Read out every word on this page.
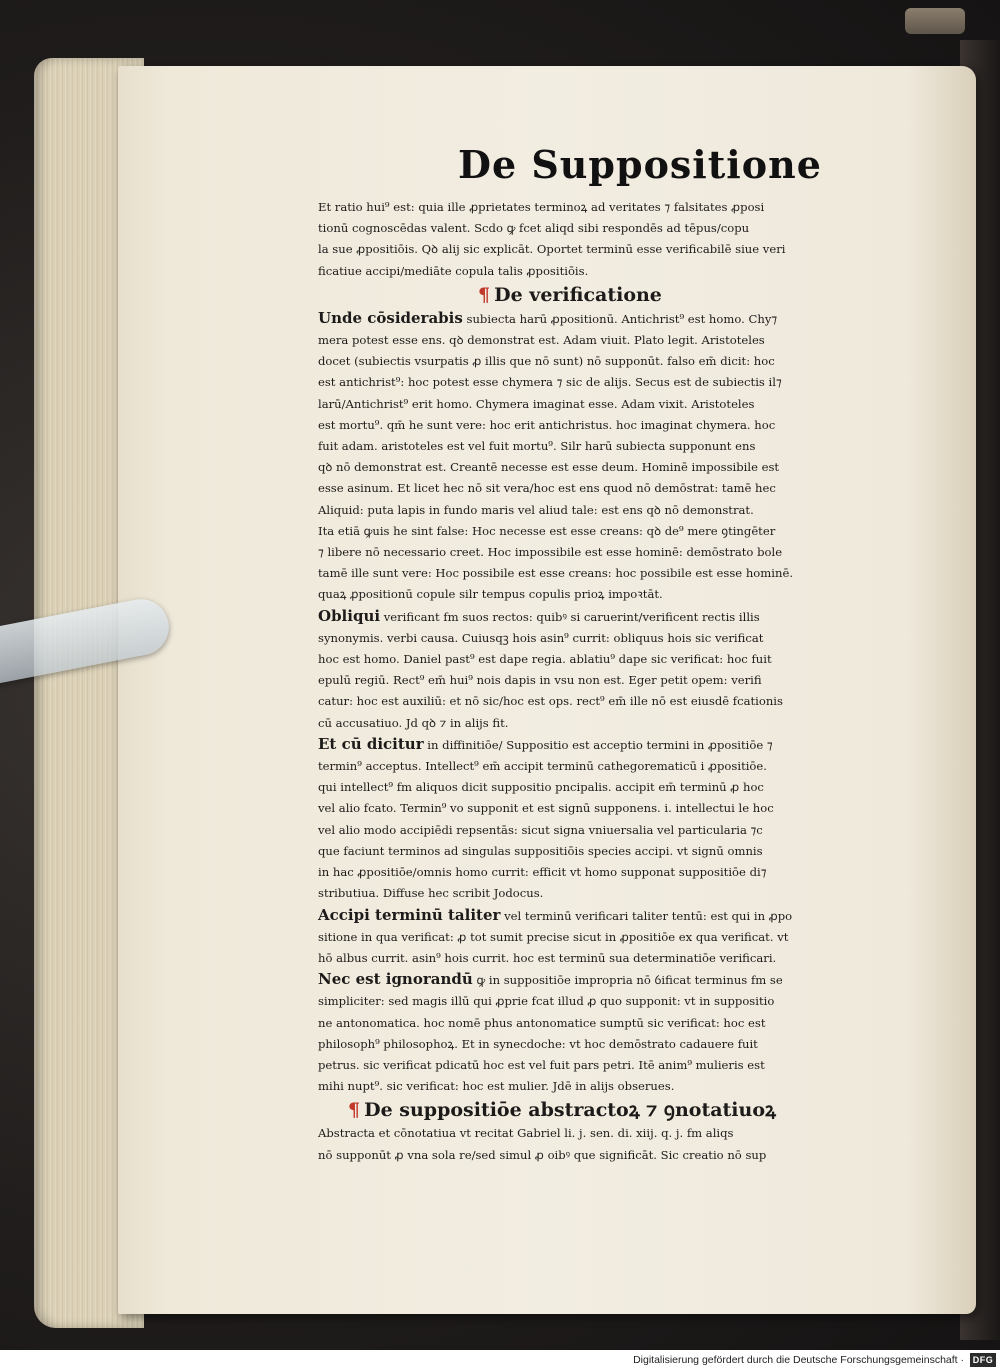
De Suppositione
Et ratio hui⁹ est: quia ille ꝓprietates terminoꝝ ad veritates ⁊ falsitates ꝓposi
tionū cognoscēdas valent. Scdo ꝙ fcet aliqd sibi respondēs ad tēpus/copu
la sue ꝓpositiōis. Qꝺ alij sic explicāt. Oportet terminū esse verificabilē siue veri
ficatiue accipi/mediāte copula talis ꝓpositiōis.
¶ De verificatione
Unde cōsiderabis subiecta harū ꝓpositionū. Antichrist⁹ est homo. Chy⁊
mera potest esse ens. qꝺ demonstrat est. Adam viuit. Plato legit. Aristoteles
docet (subiectis vsurpatis ꝓ illis que nō sunt) nō supponūt. falso em̄ dicit: hoc
est antichrist⁹: hoc potest esse chymera ⁊ sic de alijs. Secus est de subiectis il⁊
larū/Antichrist⁹ erit homo. Chymera imaginat esse. Adam vixit. Aristoteles
est mortu⁹. qm̄ he sunt vere: hoc erit antichristus. hoc imaginat chymera. hoc
fuit adam. aristoteles est vel fuit mortu⁹. Silr harū subiecta supponunt ens
qꝺ nō demonstrat est. Creantē necesse est esse deum. Hominē impossibile est
esse asinum. Et licet hec nō sit vera/hoc est ens quod nō demōstrat: tamē hec
Aliquid: puta lapis in fundo maris vel aliud tale: est ens qꝺ nō demonstrat.
Ita etiā ꝙuis he sint false: Hoc necesse est esse creans: qꝺ de⁹ mere ꝯtingēter
⁊ libere nō necessario creet. Hoc impossibile est esse hominē: demōstrato bole
tamē ille sunt vere: Hoc possibile est esse creans: hoc possibile est esse hominē.
quaꝝ ꝓpositionū copule silr tempus copulis prioꝝ impoꝛtāt.
Obliqui verificant fm suos rectos: quibꝰ si caruerint/verificent rectis illis
synonymis. verbi causa. Cuiusqꝫ hois asin⁹ currit: obliquus hois sic verificat
hoc est homo. Daniel past⁹ est dape regia. ablatiu⁹ dape sic verificat: hoc fuit
epulū regiū. Rect⁹ em̄ hui⁹ nois dapis in vsu non est. Eger petit opem: verifi
catur: hoc est auxiliū: et nō sic/hoc est ops. rect⁹ em̄ ille nō est eiusdē fcationis
cū accusatiuo. Jd qꝺ ⁊ in alijs fit.
Et cū dicitur in diffinitiōe/ Suppositio est acceptio termini in ꝓpositiōe ⁊
termin⁹ acceptus. Intellect⁹ em̄ accipit terminū cathegorematicū i ꝓpositiōe.
qui intellect⁹ fm aliquos dicit suppositio pncipalis. accipit em̄ terminū ꝓ hoc
vel alio fcato. Termin⁹ vo supponit et est signū supponens. i. intellectui le hoc
vel alio modo accipiēdi repsentās: sicut signa vniuersalia vel particularia ⁊c
que faciunt terminos ad singulas suppositiōis species accipi. vt signū omnis
in hac ꝓpositiōe/omnis homo currit: efficit vt homo supponat suppositiōe di⁊
stributiua. Diffuse hec scribit Jodocus.
Accipi terminū taliter vel terminū verificari taliter tentū: est qui in ꝓpo
sitione in qua verificat: ꝓ tot sumit precise sicut in ꝓpositiōe ex qua verificat. vt
hō albus currit. asin⁹ hois currit. hoc est terminū sua determinatiōe verificari.
Nec est ignorandū ꝙ in suppositiōe impropria nō ỽificat terminus fm se
simpliciter: sed magis illū qui ꝓprie fcat illud ꝓ quo supponit: vt in suppositio
ne antonomatica. hoc nomē phus antonomatice sumptū sic verificat: hoc est
philosoph⁹ philosophoꝝ. Et in synecdoche: vt hoc demōstrato cadauere fuit
petrus. sic verificat pdicatū hoc est vel fuit pars petri. Itē anim⁹ mulieris est
mihi nupt⁹. sic verificat: hoc est mulier. Jdē in alijs obserues.
¶ De suppositiōe abstractoꝝ ⁊ ꝯnotatiuoꝝ
Abstracta et cōnotatiua vt recitat Gabriel li. j. sen. di. xiij. q. j. fm aliqs
nō supponūt ꝓ vna sola re/sed simul ꝓ oibꝰ que significāt. Sic creatio nō sup
Digitalisierung gefördert durch die Deutsche Forschungsgemeinschaft · DFG
